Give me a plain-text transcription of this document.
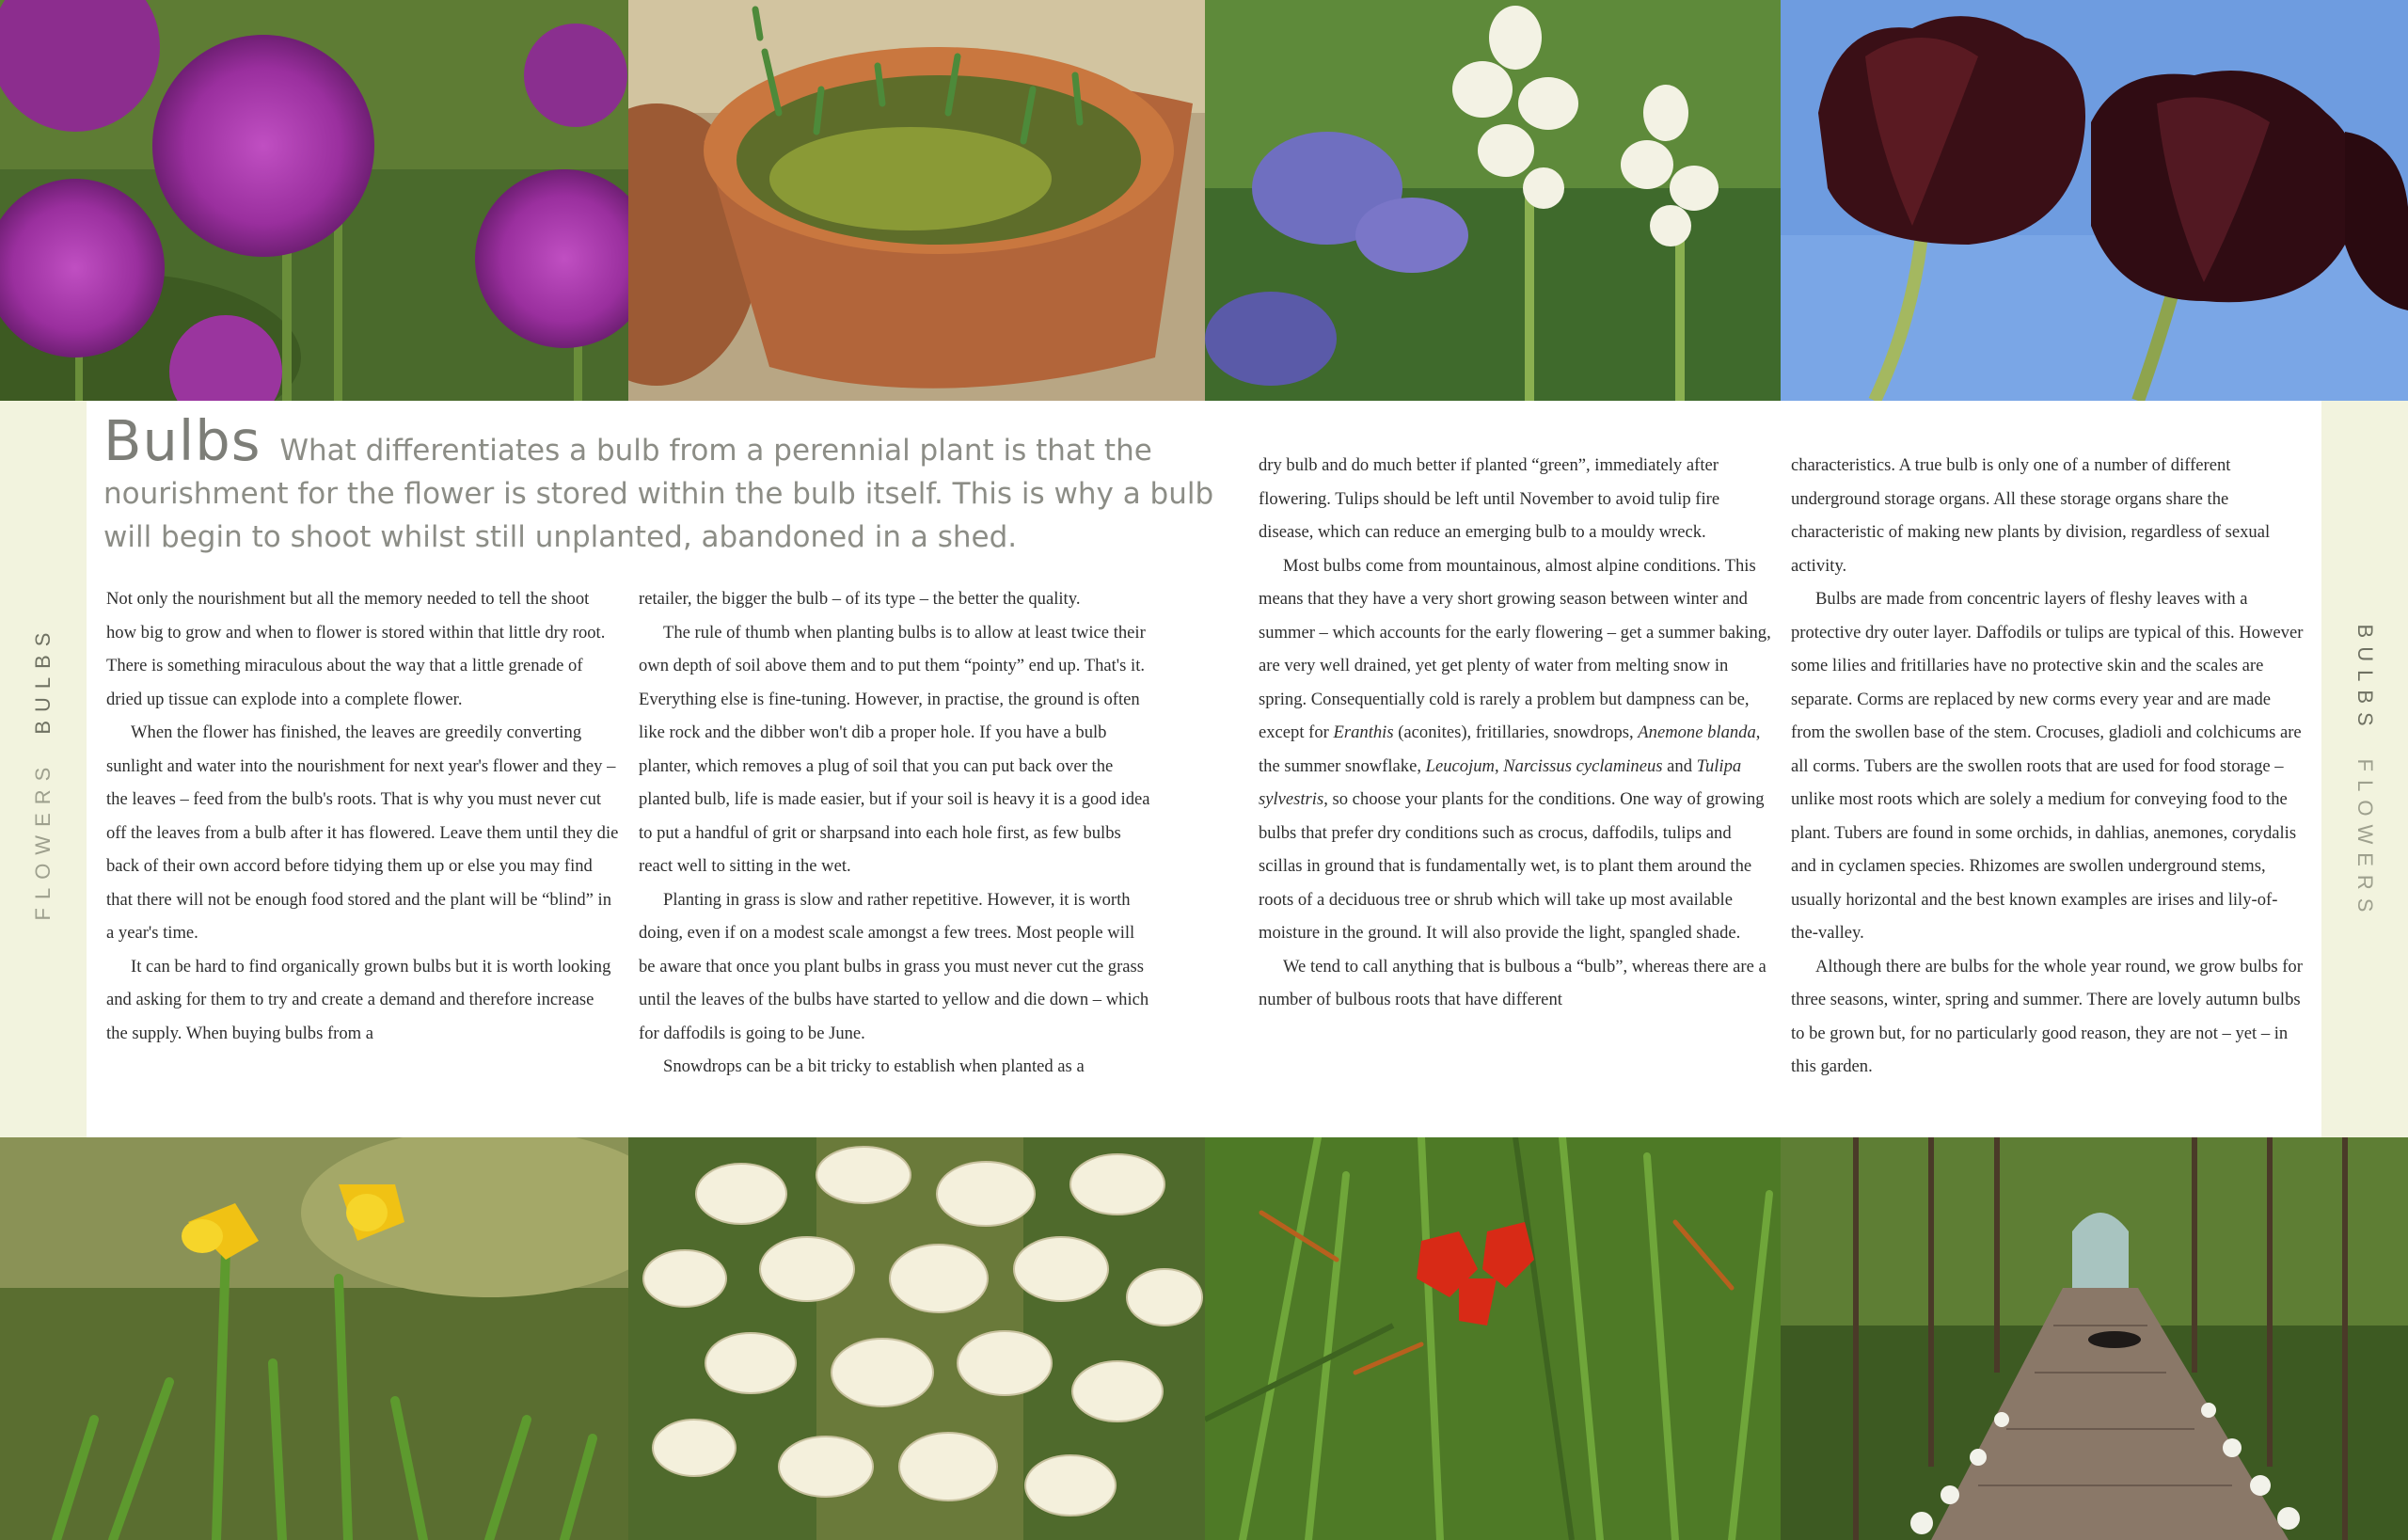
FLOWERSBULBS	BULBSFLOWERS
Bulbs What differentiates a bulb from a perennial plant is that the nourishment for the flower is stored within the bulb itself. This is why a bulb will begin to shoot whilst still unplanted, abandoned in a shed.

Not only the nourishment but all the memory needed to tell the shoot how big to grow and when to flower is stored within that little dry root. There is something miraculous about the way that a little grenade of dried up tissue can explode into a complete flower.

When the flower has finished, the leaves are greedily converting sunlight and water into the nourishment for next year's flower and they – the leaves – feed from the bulb's roots. That is why you must never cut off the leaves from a bulb after it has flowered. Leave them until they die back of their own accord before tidying them up or else you may find that there will not be enough food stored and the plant will be “blind” in a year's time.

It can be hard to find organically grown bulbs but it is worth looking and asking for them to try and create a demand and therefore increase the supply. When buying bulbs from a

retailer, the bigger the bulb – of its type – the better the quality.

The rule of thumb when planting bulbs is to allow at least twice their own depth of soil above them and to put them “pointy” end up. That's it. Everything else is fine-tuning. However, in practise, the ground is often like rock and the dibber won't dib a proper hole. If you have a bulb planter, which removes a plug of soil that you can put back over the planted bulb, life is made easier, but if your soil is heavy it is a good idea to put a handful of grit or sharpsand into each hole first, as few bulbs react well to sitting in the wet.

Planting in grass is slow and rather repetitive. However, it is worth doing, even if on a modest scale amongst a few trees. Most people will be aware that once you plant bulbs in grass you must never cut the grass until the leaves of the bulbs have started to yellow and die down – which for daffodils is going to be June.

Snowdrops can be a bit tricky to establish when planted as a

dry bulb and do much better if planted “green”, immediately after flowering. Tulips should be left until November to avoid tulip fire disease, which can reduce an emerging bulb to a mouldy wreck.

Most bulbs come from mountainous, almost alpine conditions. This means that they have a very short growing season between winter and summer – which accounts for the early flowering – get a summer baking, are very well drained, yet get plenty of water from melting snow in spring. Consequentially cold is rarely a problem but dampness can be, except for Eranthis (aconites), fritillaries, snowdrops, Anemone blanda, the summer snowflake, Leucojum, Narcissus cyclamineus and Tulipa sylvestris, so choose your plants for the conditions. One way of growing bulbs that prefer dry conditions such as crocus, daffodils, tulips and scillas in ground that is fundamentally wet, is to plant them around the roots of a deciduous tree or shrub which will take up most available moisture in the ground. It will also provide the light, spangled shade.

We tend to call anything that is bulbous a “bulb”, whereas there are a number of bulbous roots that have different

characteristics. A true bulb is only one of a number of different underground storage organs. All these storage organs share the characteristic of making new plants by division, regardless of sexual activity.

Bulbs are made from concentric layers of fleshy leaves with a protective dry outer layer. Daffodils or tulips are typical of this. However some lilies and fritillaries have no protective skin and the scales are separate. Corms are replaced by new corms every year and are made from the swollen base of the stem. Crocuses, gladioli and colchicums are all corms. Tubers are the swollen roots that are used for food storage – unlike most roots which are solely a medium for conveying food to the plant. Tubers are found in some orchids, in dahlias, anemones, corydalis and in cyclamen species. Rhizomes are swollen underground stems, usually horizontal and the best known examples are irises and lily-of-the-valley.

Although there are bulbs for the whole year round, we grow bulbs for three seasons, winter, spring and summer. There are lovely autumn bulbs to be grown but, for no particularly good reason, they are not – yet – in this garden.
